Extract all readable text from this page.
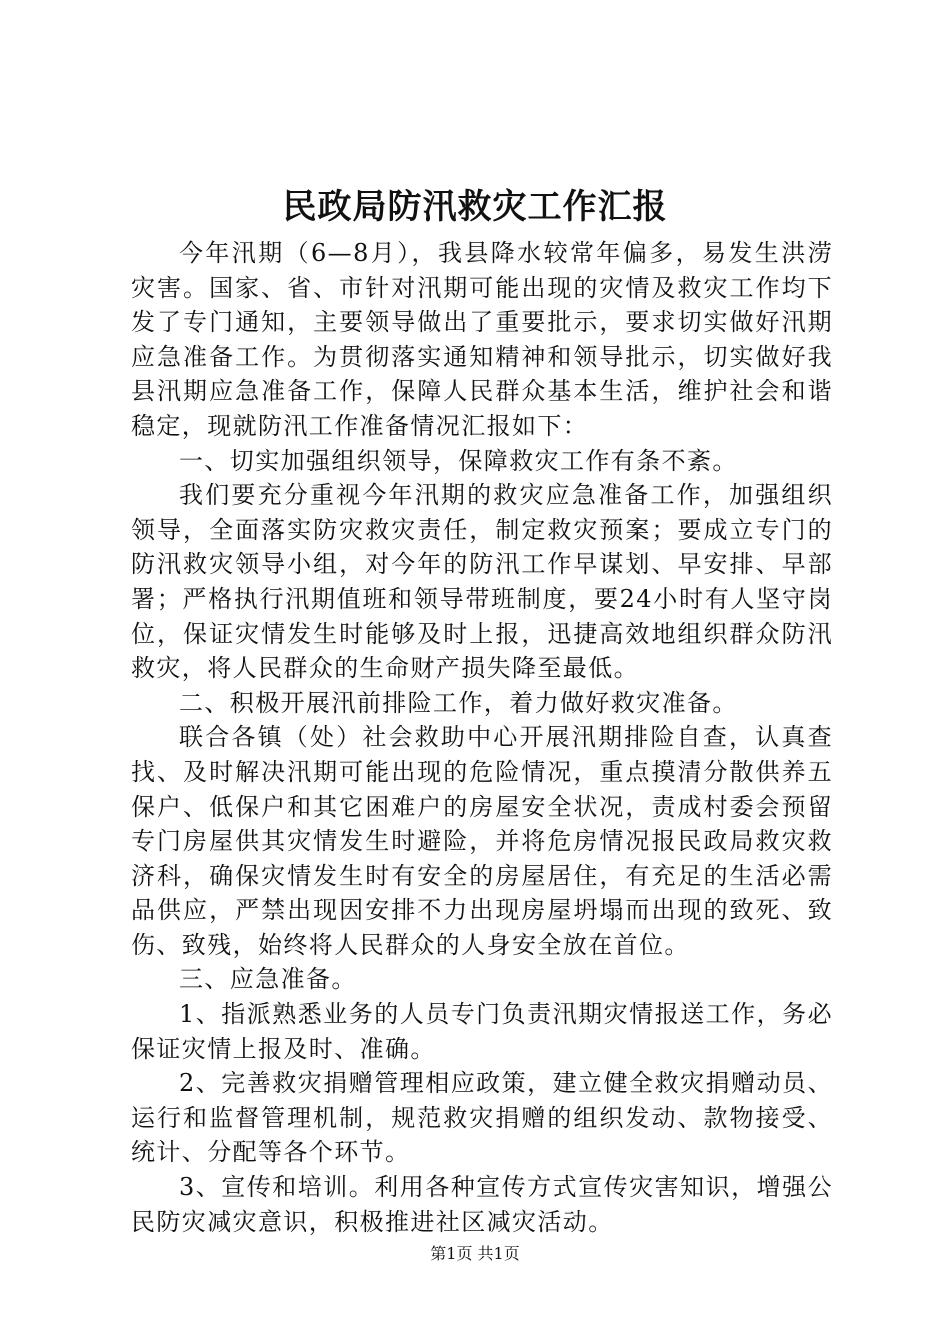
民政局防汛救灾工作汇报

今年汛期（6—8月），我县降水较常年偏多，易发生洪涝灾害。国家、省、市针对汛期可能出现的灾情及救灾工作均下发了专门通知，主要领导做出了重要批示，要求切实做好汛期应急准备工作。为贯彻落实通知精神和领导批示，切实做好我县汛期应急准备工作，保障人民群众基本生活，维护社会和谐稳定，现就防汛工作准备情况汇报如下：

一、切实加强组织领导，保障救灾工作有条不紊。

我们要充分重视今年汛期的救灾应急准备工作，加强组织领导，全面落实防灾救灾责任，制定救灾预案；要成立专门的防汛救灾领导小组，对今年的防汛工作早谋划、早安排、早部署；严格执行汛期值班和领导带班制度，要24小时有人坚守岗位，保证灾情发生时能够及时上报，迅捷高效地组织群众防汛救灾，将人民群众的生命财产损失降至最低。

二、积极开展汛前排险工作，着力做好救灾准备。

联合各镇（处）社会救助中心开展汛期排险自查，认真查找、及时解决汛期可能出现的危险情况，重点摸清分散供养五保户、低保户和其它困难户的房屋安全状况，责成村委会预留专门房屋供其灾情发生时避险，并将危房情况报民政局救灾救济科，确保灾情发生时有安全的房屋居住，有充足的生活必需品供应，严禁出现因安排不力出现房屋坍塌而出现的致死、致伤、致残，始终将人民群众的人身安全放在首位。

三、应急准备。

1、指派熟悉业务的人员专门负责汛期灾情报送工作，务必保证灾情上报及时、准确。

2、完善救灾捐赠管理相应政策，建立健全救灾捐赠动员、运行和监督管理机制，规范救灾捐赠的组织发动、款物接受、统计、分配等各个环节。

3、宣传和培训。利用各种宣传方式宣传灾害知识，增强公民防灾减灾意识，积极推进社区减灾活动。

第1页 共1页
